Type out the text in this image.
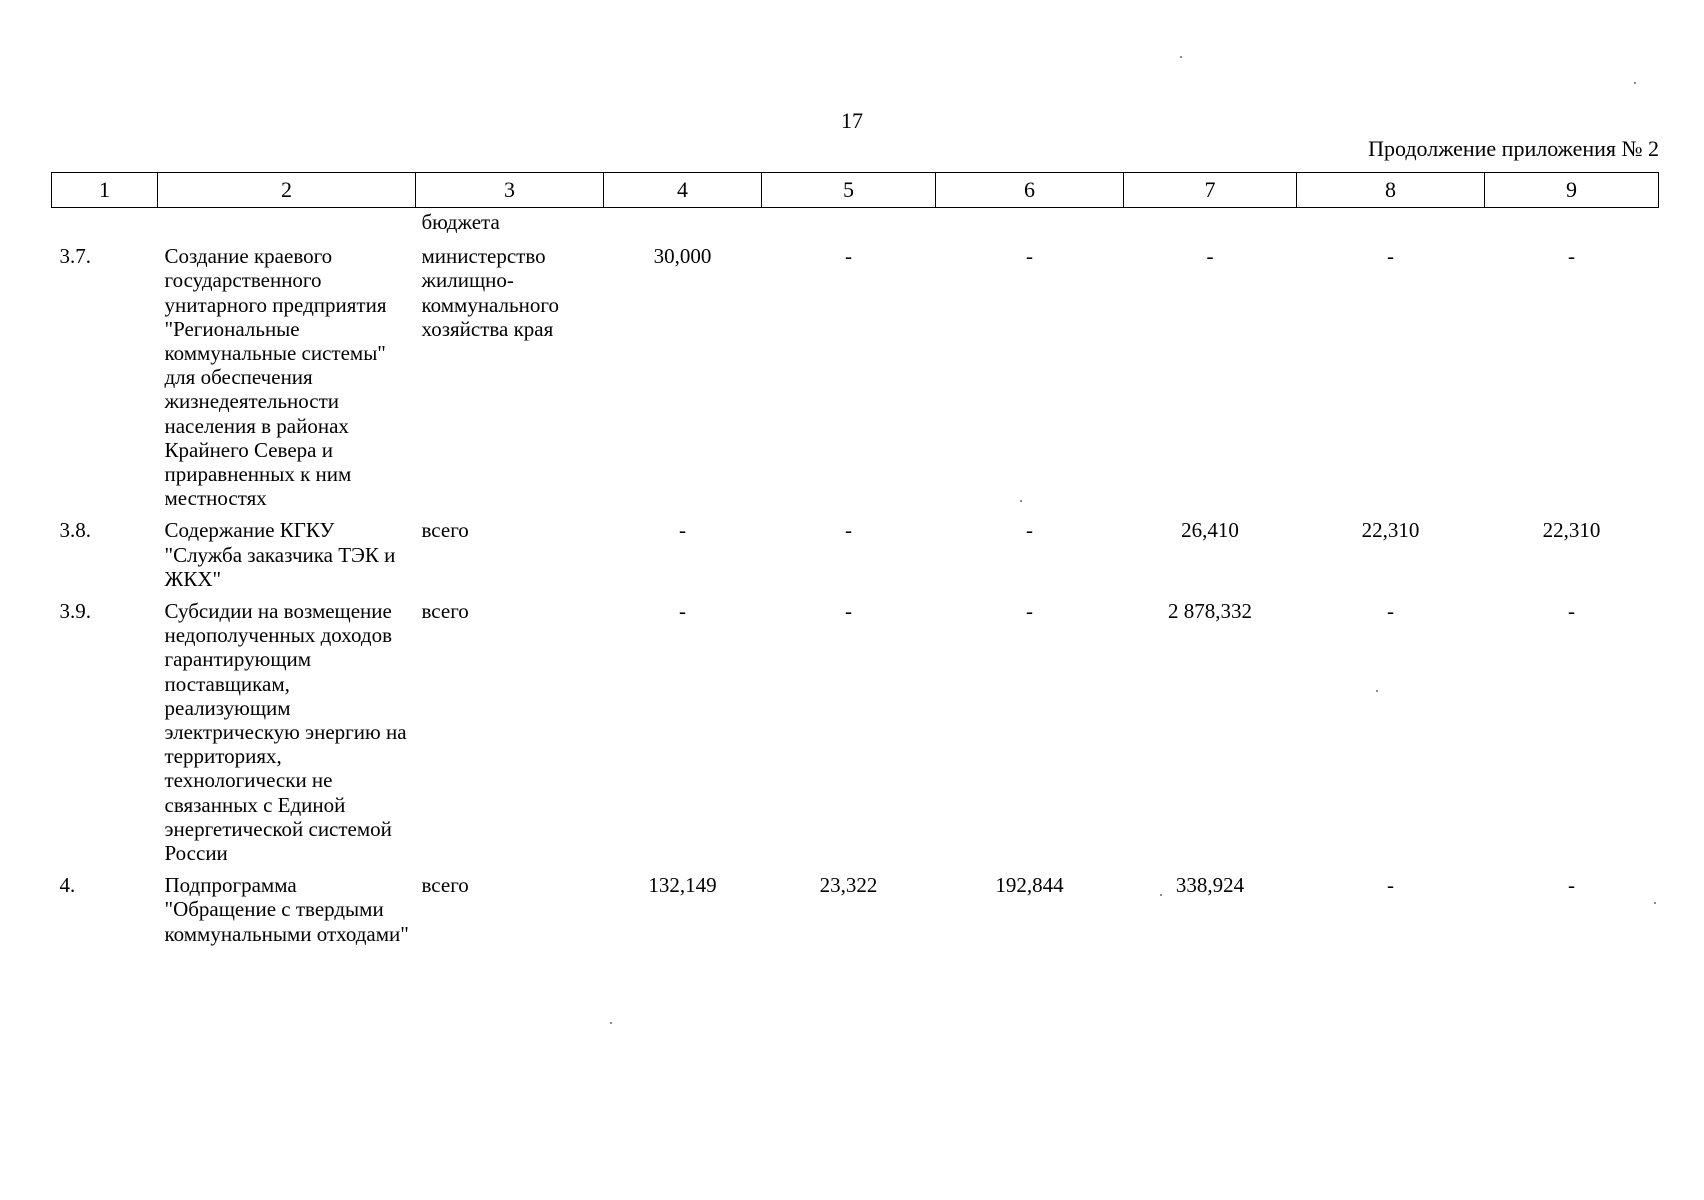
17
Продолжение приложения № 2
1	2	3	4	5	6	7	8	9
		бюджета						
3.7.	Создание краевого государственного унитарного предприятия "Региональные коммунальные системы" для обеспечения жизнедеятельности населения в районах Крайнего Севера и приравненных к ним местностях	министерство жилищно-коммунального хозяйства края	30,000	-	-	-	-	-
3.8.	Содержание КГКУ "Служба заказчика ТЭК и ЖКХ"	всего	-	-	-	26,410	22,310	22,310
3.9.	Субсидии на возмещение недополученных доходов гарантирующим поставщикам, реализующим электрическую энергию на территориях, технологически не связанных с Единой энергетической системой России	всего	-	-	-	2 878,332	-	-
4.	Подпрограмма "Обращение с твердыми коммунальными отходами"	всего	132,149	23,322	192,844	338,924	-	-
